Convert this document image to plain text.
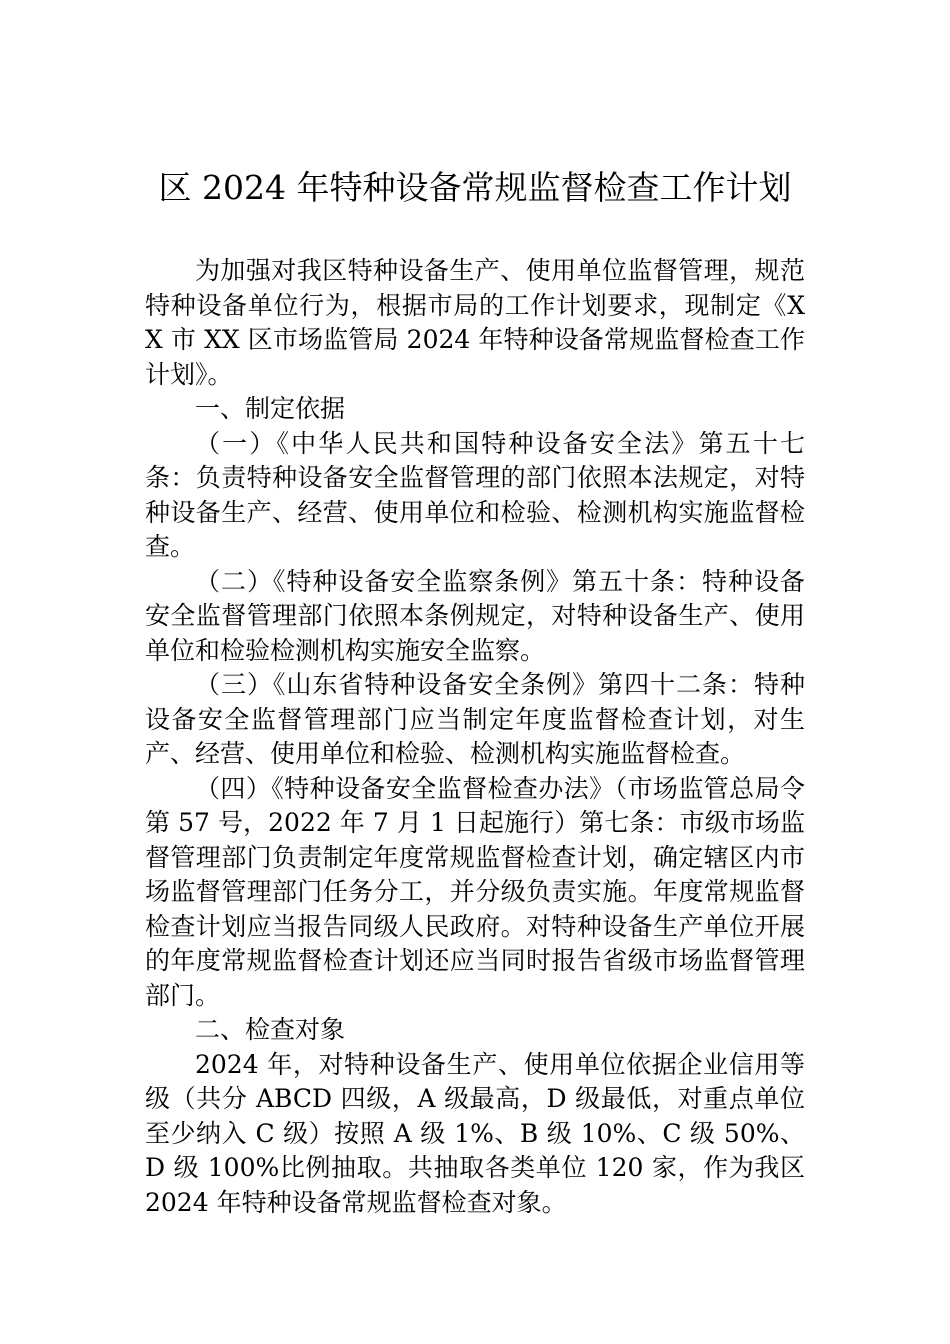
区 2024 年特种设备常规监督检查工作计划

为加强对我区特种设备生产、使用单位监督管理，规范特种设备单位行为，根据市局的工作计划要求，现制定《XX 市 XX 区市场监管局 2024 年特种设备常规监督检查工作计划》。

一、制定依据

（一）《中华人民共和国特种设备安全法》第五十七条：负责特种设备安全监督管理的部门依照本法规定，对特种设备生产、经营、使用单位和检验、检测机构实施监督检查。

（二）《特种设备安全监察条例》第五十条：特种设备安全监督管理部门依照本条例规定，对特种设备生产、使用单位和检验检测机构实施安全监察。

（三）《山东省特种设备安全条例》第四十二条：特种设备安全监督管理部门应当制定年度监督检查计划，对生产、经营、使用单位和检验、检测机构实施监督检查。

（四）《特种设备安全监督检查办法》（市场监管总局令第 57 号，2022 年 7 月 1 日起施行）第七条：市级市场监督管理部门负责制定年度常规监督检查计划，确定辖区内市场监督管理部门任务分工，并分级负责实施。年度常规监督检查计划应当报告同级人民政府。对特种设备生产单位开展的年度常规监督检查计划还应当同时报告省级市场监督管理部门。

二、检查对象

2024 年，对特种设备生产、使用单位依据企业信用等级（共分 ABCD 四级，A 级最高，D 级最低，对重点单位至少纳入 C 级）按照 A 级 1%、B 级 10%、C 级 50%、D 级 100%比例抽取。共抽取各类单位 120 家，作为我区 2024 年特种设备常规监督检查对象。
